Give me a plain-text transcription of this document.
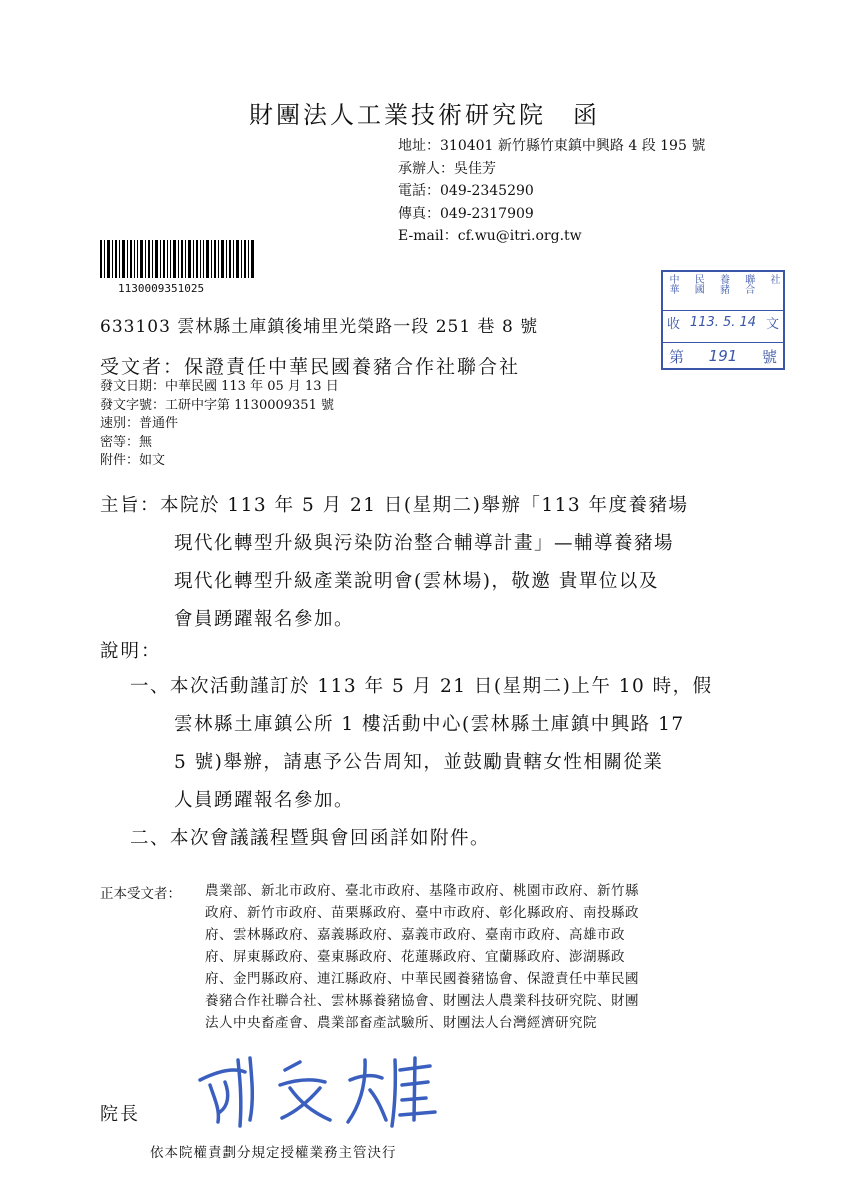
財團法人工業技術研究院　函
地址：310401 新竹縣竹東鎮中興路 4 段 195 號
承辦人：吳佳芳
電話：049-2345290
傳真：049-2317909
E-mail：cf.wu@itri.org.tw
1130009351025	中華 民國 養豬 聯合 社
收 113. 5. 14 文
第 191 號
633103 雲林縣土庫鎮後埔里光榮路一段 251 巷 8 號
受文者：保證責任中華民國養豬合作社聯合社
發文日期：中華民國 113 年 05 月 13 日
發文字號：工研中字第 1130009351 號
速別：普通件
密等：無
附件：如文
主旨：本院於 113 年 5 月 21 日(星期二)舉辦「113 年度養豬場
現代化轉型升級與污染防治整合輔導計畫」—輔導養豬場
現代化轉型升級產業說明會(雲林場)，敬邀 貴單位以及
會員踴躍報名參加。
說明：
一、本次活動謹訂於 113 年 5 月 21 日(星期二)上午 10 時，假
雲林縣土庫鎮公所 1 樓活動中心(雲林縣土庫鎮中興路 17
5 號)舉辦，請惠予公告周知，並鼓勵貴轄女性相關從業
人員踴躍報名參加。
二、本次會議議程暨與會回函詳如附件。
正本受文者： 農業部、新北市政府、臺北市政府、基隆市政府、桃園市政府、新竹縣
政府、新竹市政府、苗栗縣政府、臺中市政府、彰化縣政府、南投縣政
府、雲林縣政府、嘉義縣政府、嘉義市政府、臺南市政府、高雄市政
府、屏東縣政府、臺東縣政府、花蓮縣政府、宜蘭縣政府、澎湖縣政
府、金門縣政府、連江縣政府、中華民國養豬協會、保證責任中華民國
養豬合作社聯合社、雲林縣養豬協會、財團法人農業科技研究院、財團
法人中央畜產會、農業部畜產試驗所、財團法人台灣經濟研究院
院長
依本院權責劃分規定授權業務主管決行
